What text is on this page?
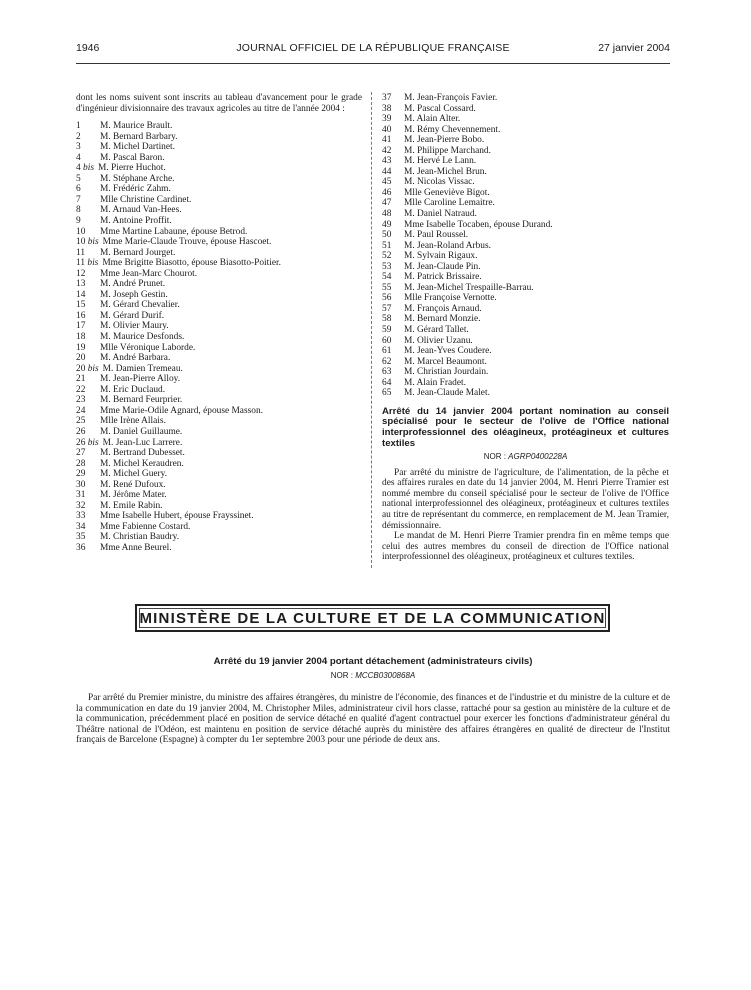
1946	JOURNAL OFFICIEL DE LA RÉPUBLIQUE FRANÇAISE	27 janvier 2004

dont les noms suivent sont inscrits au tableau d'avancement pour le grade d'ingénieur divisionnaire des travaux agricoles au titre de l'année 2004 :

1	M. Maurice Brault.
2	M. Bernard Barbary.
3	M. Michel Dartinet.
4	M. Pascal Baron.
4 bis M. Pierre Huchot.
5	M. Stéphane Arche.
6	M. Frédéric Zahm.
7	Mlle Christine Cardinet.
8	M. Arnaud Van-Hees.
9	M. Antoine Proffit.
10	Mme Martine Labaune, épouse Betrod.
10 bis Mme Marie-Claude Trouve, épouse Hascoet.
11	M. Bernard Jourget.
11 bis Mme Brigitte Biasotto, épouse Biasotto-Poitier.
12	Mme Jean-Marc Chourot.
13	M. André Prunet.
14	M. Joseph Gestin.
15	M. Gérard Chevalier.
16	M. Gérard Durif.
17	M. Olivier Maury.
18	M. Maurice Desfonds.
19	Mlle Véronique Laborde.
20	M. André Barbara.
20 bis M. Damien Tremeau.
21	M. Jean-Pierre Alloy.
22	M. Eric Duclaud.
23	M. Bernard Feurprier.
24	Mme Marie-Odile Agnard, épouse Masson.
25	Mlle Irène Allais.
26	M. Daniel Guillaume.
26 bis M. Jean-Luc Larrere.
27	M. Bertrand Dubesset.
28	M. Michel Keraudren.
29	M. Michel Guery.
30	M. René Dufoux.
31	M. Jérôme Mater.
32	M. Emile Rabin.
33	Mme Isabelle Hubert, épouse Frayssinet.
34	Mme Fabienne Costard.
35	M. Christian Baudry.
36	Mme Anne Beurel.
37	M. Jean-François Favier.
38	M. Pascal Cossard.
39	M. Alain Alter.
40	M. Rémy Chevennement.
41	M. Jean-Pierre Bobo.
42	M. Philippe Marchand.
43	M. Hervé Le Lann.
44	M. Jean-Michel Brun.
45	M. Nicolas Vissac.
46	Mlle Geneviève Bigot.
47	Mlle Caroline Lemaitre.
48	M. Daniel Natraud.
49	Mme Isabelle Tocaben, épouse Durand.
50	M. Paul Roussel.
51	M. Jean-Roland Arbus.
52	M. Sylvain Rigaux.
53	M. Jean-Claude Pin.
54	M. Patrick Brissaire.
55	M. Jean-Michel Trespaille-Barrau.
56	Mlle Françoise Vernotte.
57	M. François Arnaud.
58	M. Bernard Monzie.
59	M. Gérard Tallet.
60	M. Olivier Uzanu.
61	M. Jean-Yves Coudere.
62	M. Marcel Beaumont.
63	M. Christian Jourdain.
64	M. Alain Fradet.
65	M. Jean-Claude Malet.
Arrêté du 14 janvier 2004 portant nomination au conseil spécialisé pour le secteur de l'olive de l'Office national interprofessionnel des oléagineux, protéagineux et cultures textiles
NOR : AGRP0400228A

Par arrêté du ministre de l'agriculture, de l'alimentation, de la pêche et des affaires rurales en date du 14 janvier 2004, M. Henri Pierre Tramier est nommé membre du conseil spécialisé pour le secteur de l'olive de l'Office national interprofessionnel des oléagineux, protéagineux et cultures textiles au titre de représentant du commerce, en remplacement de M. Jean Tramier, démissionnaire.

Le mandat de M. Henri Pierre Tramier prendra fin en même temps que celui des autres membres du conseil de direction de l'Office national interprofessionnel des oléagineux, protéagineux et cultures textiles.

MINISTÈRE DE LA CULTURE ET DE LA COMMUNICATION
Arrêté du 19 janvier 2004 portant détachement (administrateurs civils)
NOR : MCCB0300868A

Par arrêté du Premier ministre, du ministre des affaires étrangères, du ministre de l'économie, des finances et de l'industrie et du ministre de la culture et de la communication en date du 19 janvier 2004, M. Christopher Miles, administrateur civil hors classe, rattaché pour sa gestion au ministère de la culture et de la communication, précédemment placé en position de service détaché en qualité d'agent contractuel pour exercer les fonctions d'administrateur général du Théâtre national de l'Odéon, est maintenu en position de service détaché auprès du ministère des affaires étrangères en qualité de directeur de l'Institut français de Barcelone (Espagne) à compter du 1er septembre 2003 pour une période de deux ans.
